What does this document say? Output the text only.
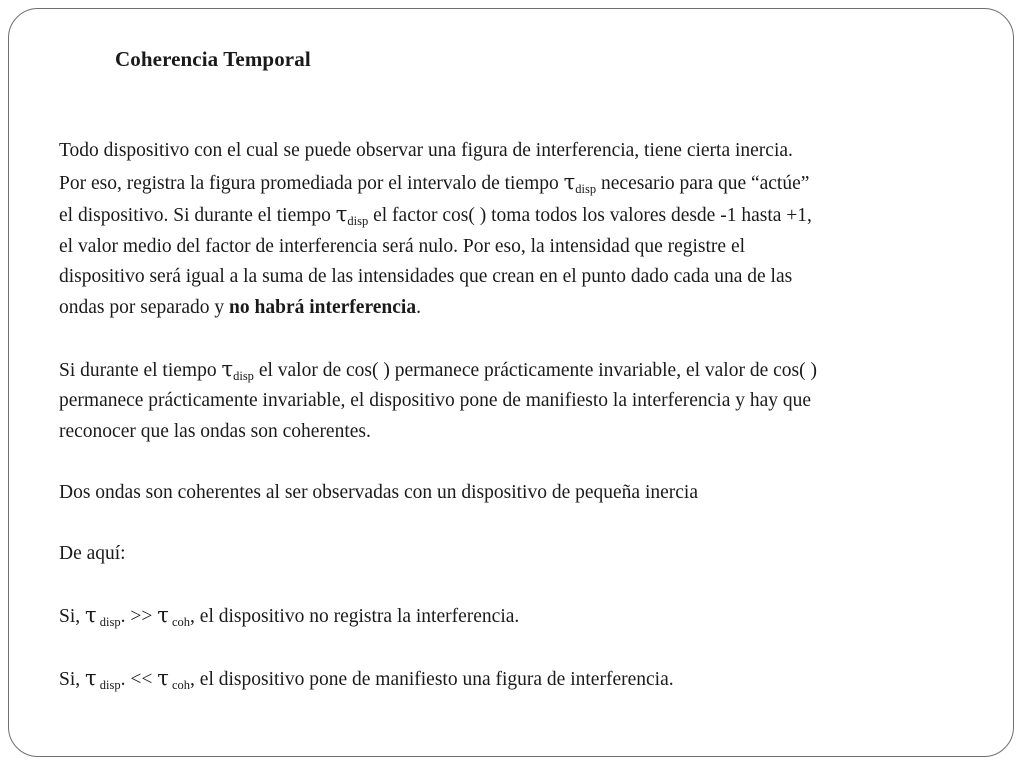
Coherencia Temporal

Todo dispositivo con el cual se puede observar una figura de interferencia, tiene cierta inercia.

Por eso, registra la figura promediada por el intervalo de tiempo $\tau_{disp}$ necesario para que “actúe”

el dispositivo. Si durante el tiempo $\tau_{disp}$ el factor cos( ) toma todos los valores desde -1 hasta +1,

el valor medio del factor de interferencia será nulo. Por eso, la intensidad que registre el

dispositivo será igual a la suma de las intensidades que crean en el punto dado cada una de las

ondas por separado y no habrá interferencia.

Si durante el tiempo $\tau_{disp}$ el valor de cos( ) permanece prácticamente invariable, el valor de cos( )

permanece prácticamente invariable, el dispositivo pone de manifiesto la interferencia y hay que

reconocer que las ondas son coherentes.

Dos ondas son coherentes al ser observadas con un dispositivo de pequeña inercia

De aquí:

Si, τ $_{disp}$. >> τ $_{coh}$, el dispositivo no registra la interferencia.

Si, τ $_{disp}$. << τ $_{coh}$, el dispositivo pone de manifiesto una figura de interferencia.
